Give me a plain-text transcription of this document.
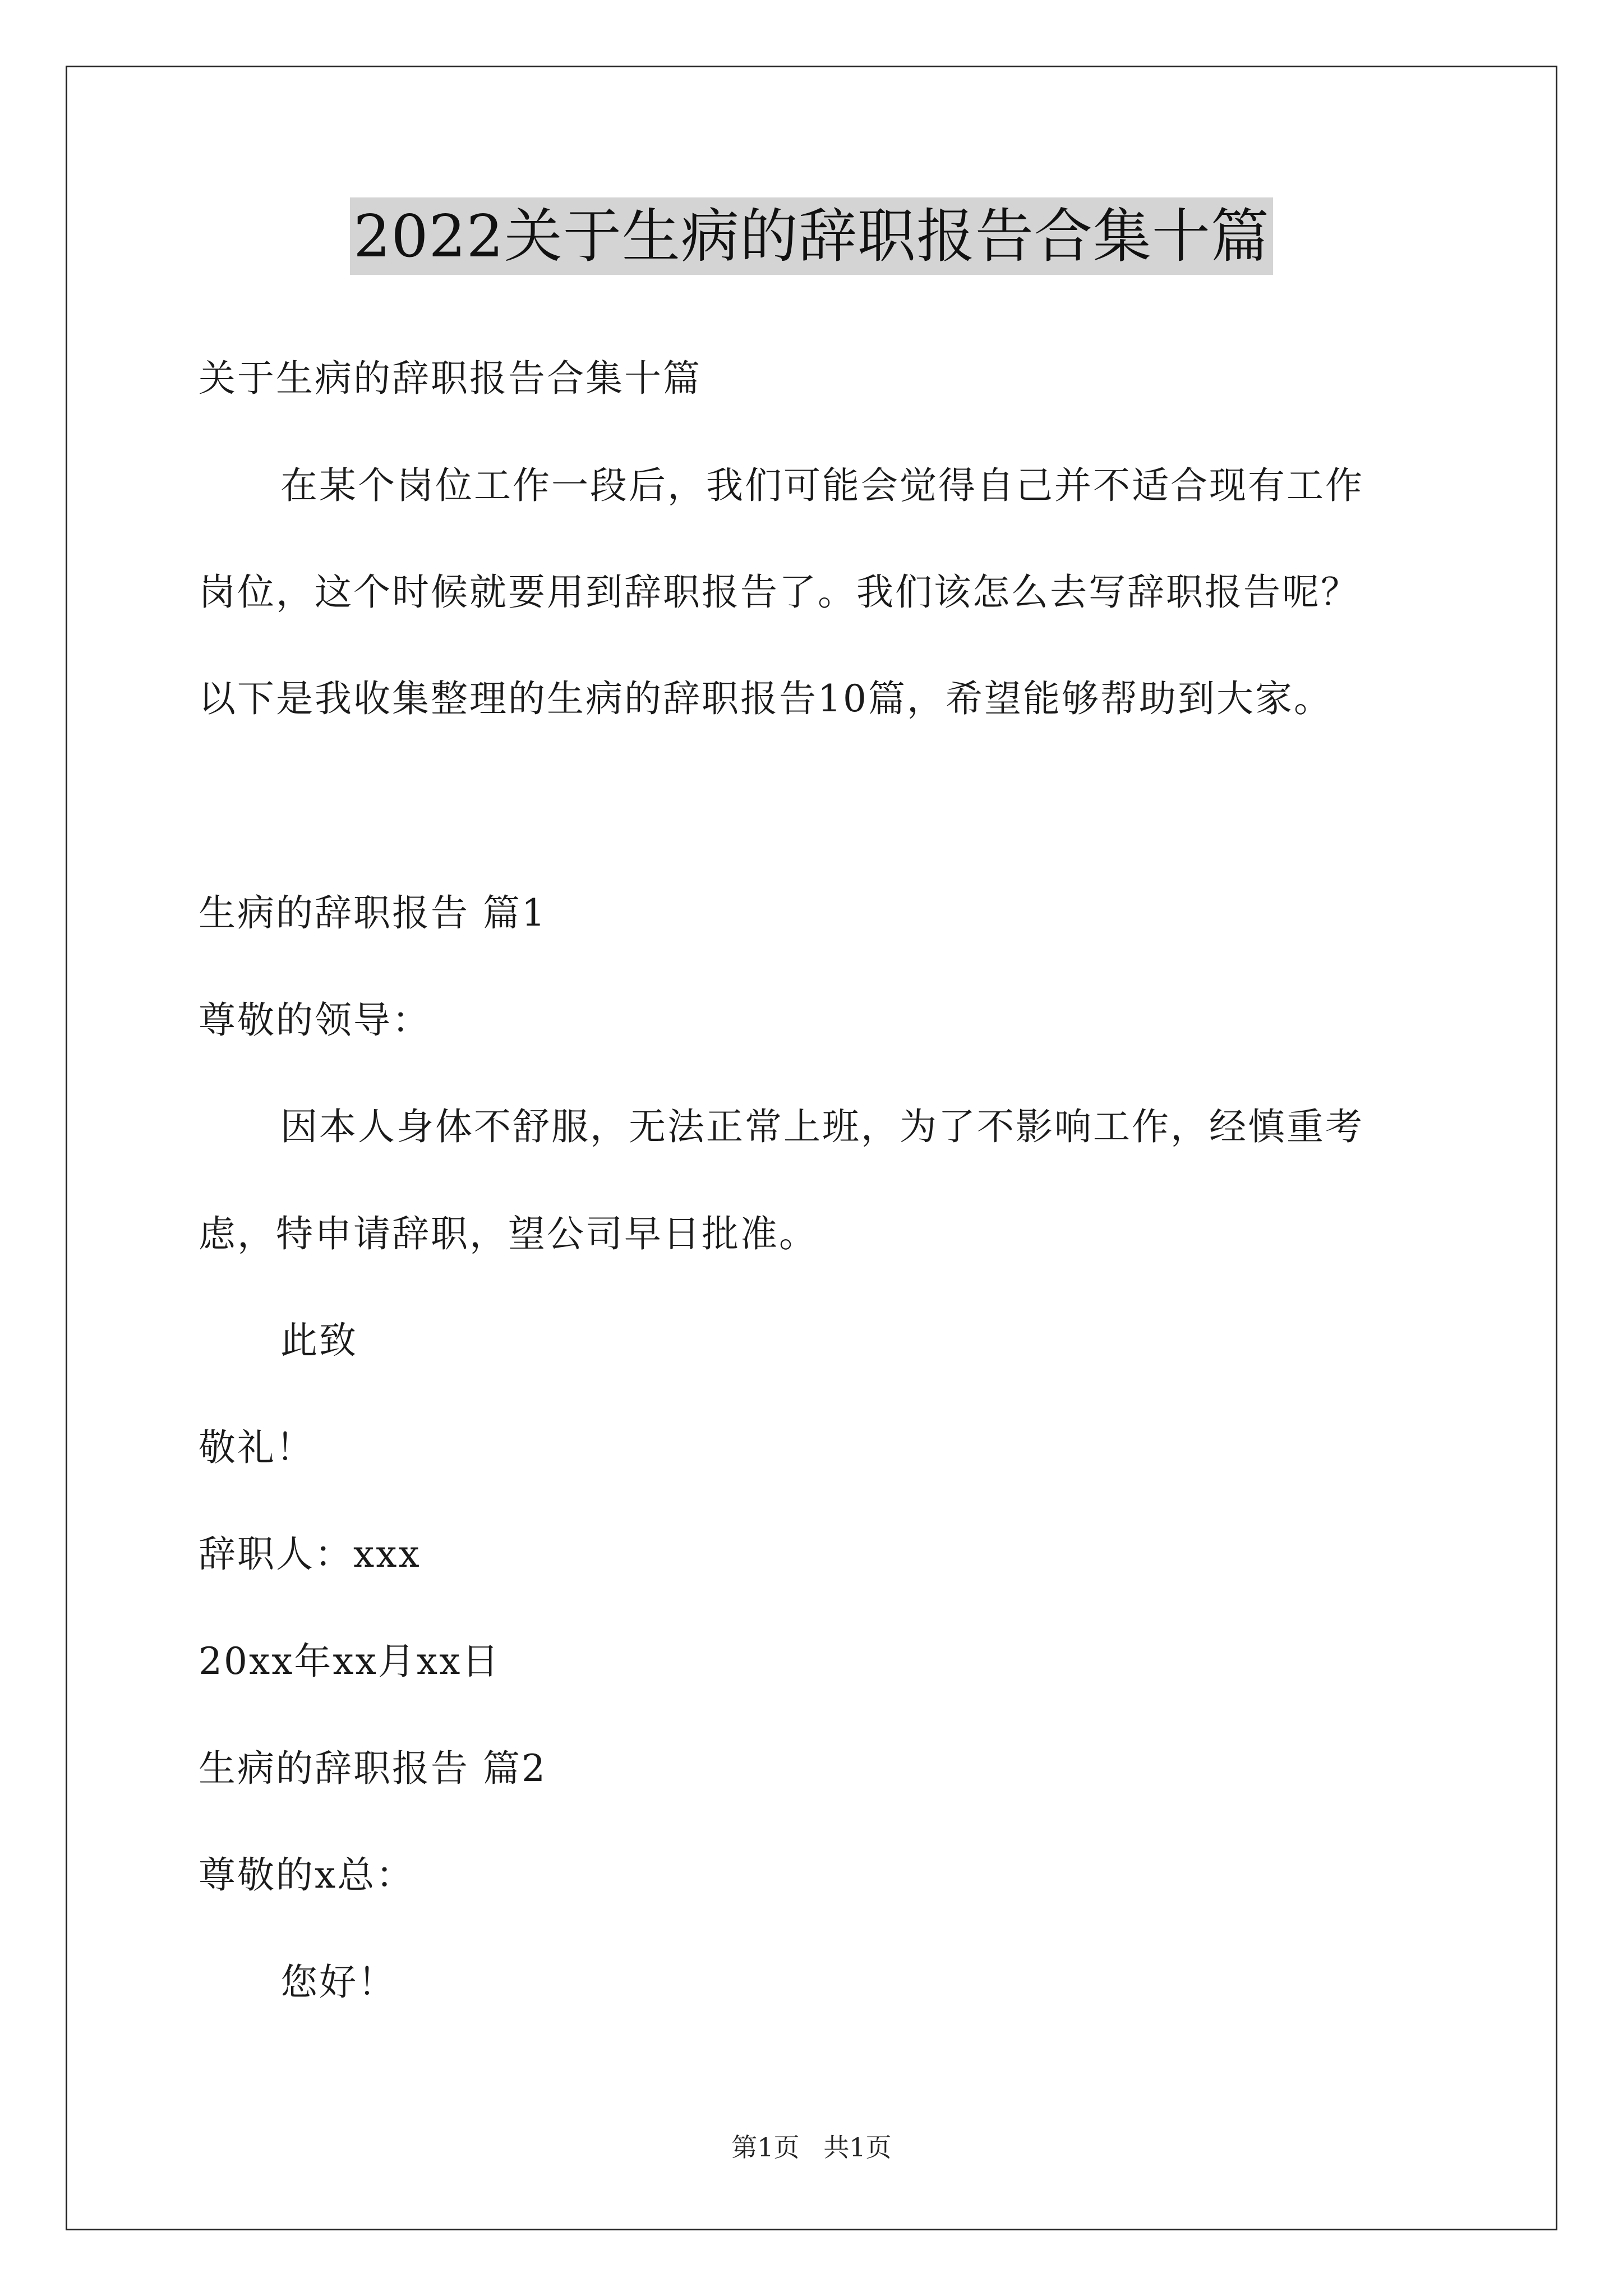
2022关于生病的辞职报告合集十篇
关于生病的辞职报告合集十篇
在某个岗位工作一段后，我们可能会觉得自己并不适合现有工作
岗位，这个时候就要用到辞职报告了。我们该怎么去写辞职报告呢？
以下是我收集整理的生病的辞职报告10篇，希望能够帮助到大家。
生病的辞职报告 篇1
尊敬的领导：
因本人身体不舒服，无法正常上班，为了不影响工作，经慎重考
虑，特申请辞职，望公司早日批准。
此致
敬礼！
辞职人：xxx
20xx年xx月xx日
生病的辞职报告 篇2
尊敬的x总：
您好！
第1页 共1页
